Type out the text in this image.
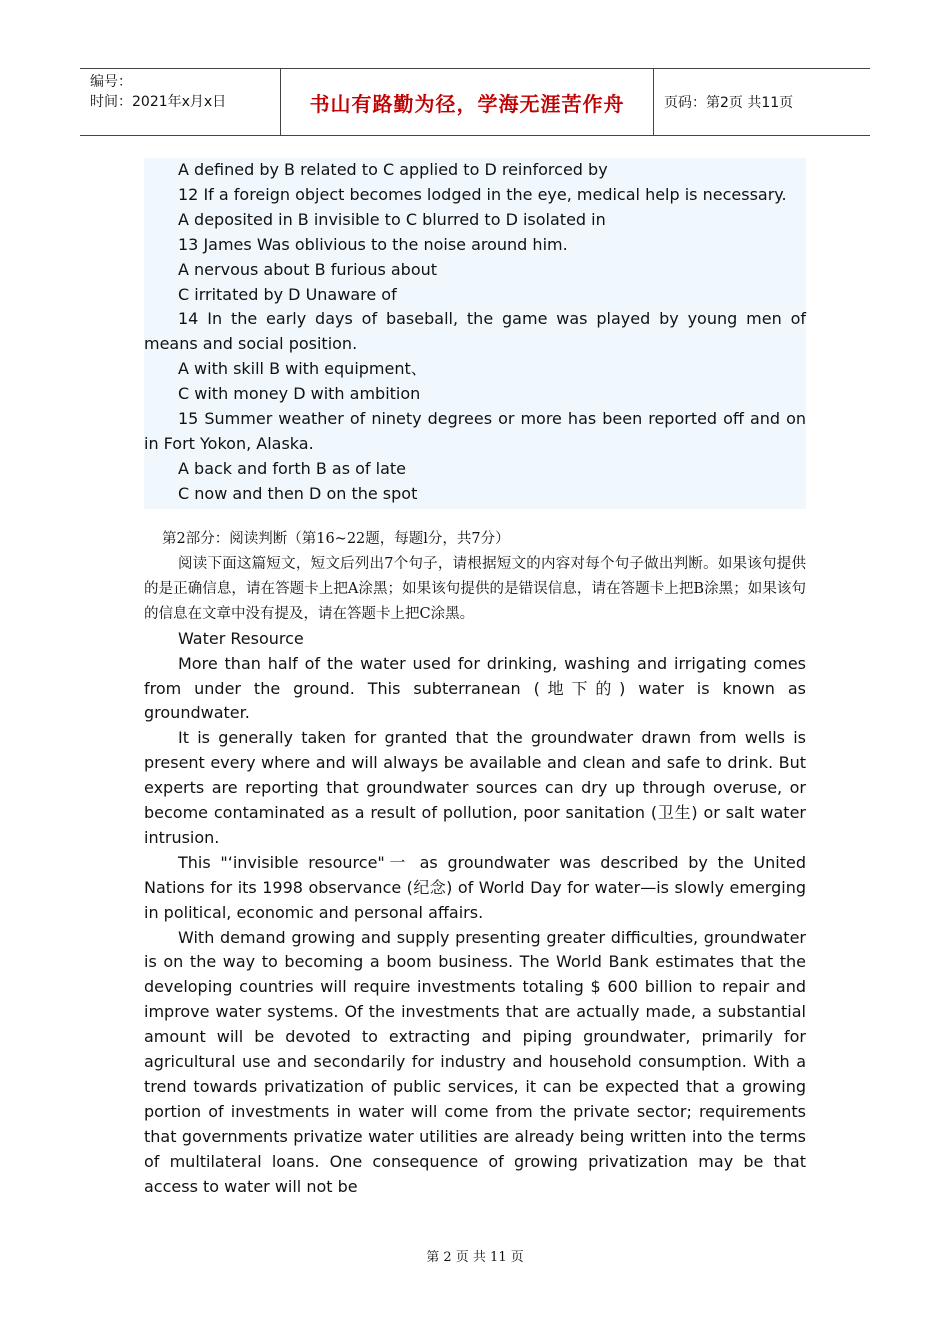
编号：
时间：2021年x月x日	书山有路勤为径，学海无涯苦作舟	页码：第2页 共11页

A defined by B related to C applied to D reinforced by

12 If a foreign object becomes lodged in the eye, medical help is necessary.

A deposited in B invisible to C blurred to D isolated in

13 James Was oblivious to the noise around him.

A nervous about B furious about

C irritated by D Unaware of

14 In the early days of baseball, the game was played by young men of means and social position.

A with skill B with equipment、

C with money D with ambition

15 Summer weather of ninety degrees or more has been reported off and on in Fort Yokon, Alaska.

A back and forth B as of late

C now and then D on the spot

第2部分：阅读判断（第16~22题，每题l分，共7分）

阅读下面这篇短文，短文后列出7个句子，请根据短文的内容对每个句子做出判断。如果该句提供的是正确信息，请在答题卡上把A涂黑；如果该句提供的是错误信息，请在答题卡上把B涂黑；如果该句的信息在文章中没有提及，请在答题卡上把C涂黑。

Water Resource

More than half of the water used for drinking, washing and irrigating comes from under the ground. This subterranean (地下的) water is known as groundwater.

It is generally taken for granted that the groundwater drawn from wells is present every where and will always be available and clean and safe to drink. But experts are reporting that groundwater sources can dry up through overuse, or become contaminated as a result of pollution, poor sanitation (卫生) or salt water intrusion.

This "‘invisible resource"一 as groundwater was described by the United Nations for its 1998 observance (纪念) of World Day for water—is slowly emerging in political, economic and personal affairs.

With demand growing and supply presenting greater difficulties, groundwater is on the way to becoming a boom business. The World Bank estimates that the developing countries will require investments totaling $ 600 billion to repair and improve water systems. Of the investments that are actually made, a substantial amount will be devoted to extracting and piping groundwater, primarily for agricultural use and secondarily for industry and household consumption. With a trend towards privatization of public services, it can be expected that a growing portion of investments in water will come from the private sector; requirements that governments privatize water utilities are already being written into the terms of multilateral loans. One consequence of growing privatization may be that access to water will not be

第 2 页 共 11 页
